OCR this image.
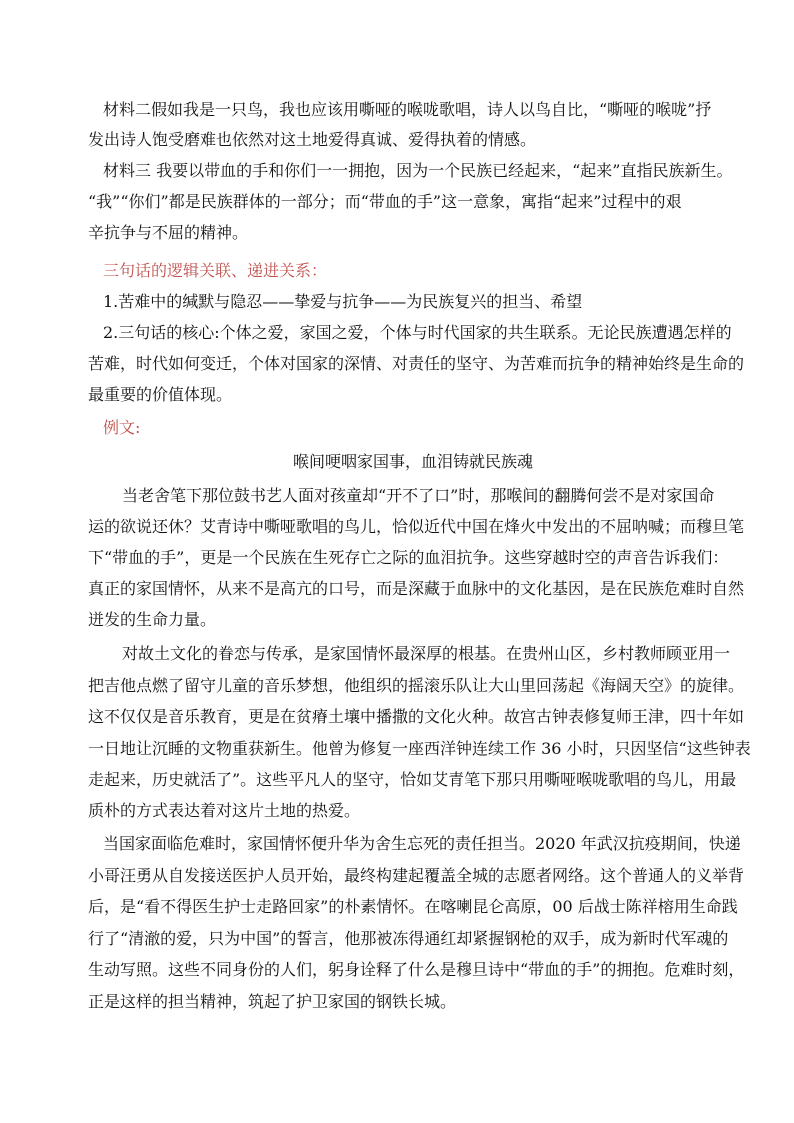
材料二假如我是一只鸟，我也应该用嘶哑的喉咙歌唱，诗人以鸟自比，“嘶哑的喉咙”抒
发出诗人饱受磨难也依然对这土地爱得真诚、爱得执着的情感。
材料三 我要以带血的手和你们一一拥抱，因为一个民族已经起来，“起来”直指民族新生。
“我”“你们”都是民族群体的一部分；而“带血的手”这一意象，寓指“起来”过程中的艰
辛抗争与不屈的精神。
三句话的逻辑关联、递进关系：
1.苦难中的缄默与隐忍——挚爱与抗争——为民族复兴的担当、希望
2.三句话的核心:个体之爱，家国之爱，个体与时代国家的共生联系。无论民族遭遇怎样的
苦难，时代如何变迁，个体对国家的深情、对责任的坚守、为苦难而抗争的精神始终是生命的
最重要的价值体现。
例文:
喉间哽咽家国事，血泪铸就民族魂
当老舍笔下那位鼓书艺人面对孩童却“开不了口”时，那喉间的翻腾何尝不是对家国命
运的欲说还休？艾青诗中嘶哑歌唱的鸟儿，恰似近代中国在烽火中发出的不屈呐喊；而穆旦笔
下“带血的手”，更是一个民族在生死存亡之际的血泪抗争。这些穿越时空的声音告诉我们：
真正的家国情怀，从来不是高亢的口号，而是深藏于血脉中的文化基因，是在民族危难时自然
迸发的生命力量。
对故土文化的眷恋与传承，是家国情怀最深厚的根基。在贵州山区，乡村教师顾亚用一
把吉他点燃了留守儿童的音乐梦想，他组织的摇滚乐队让大山里回荡起《海阔天空》的旋律。
这不仅仅是音乐教育，更是在贫瘠土壤中播撒的文化火种。故宫古钟表修复师王津，四十年如
一日地让沉睡的文物重获新生。他曾为修复一座西洋钟连续工作 36 小时，只因坚信“这些钟表
走起来，历史就活了”。这些平凡人的坚守，恰如艾青笔下那只用嘶哑喉咙歌唱的鸟儿，用最
质朴的方式表达着对这片土地的热爱。
当国家面临危难时，家国情怀便升华为舍生忘死的责任担当。2020 年武汉抗疫期间，快递
小哥汪勇从自发接送医护人员开始，最终构建起覆盖全城的志愿者网络。这个普通人的义举背
后，是“看不得医生护士走路回家”的朴素情怀。在喀喇昆仑高原，00 后战士陈祥榕用生命践
行了“清澈的爱，只为中国”的誓言，他那被冻得通红却紧握钢枪的双手，成为新时代军魂的
生动写照。这些不同身份的人们，躬身诠释了什么是穆旦诗中“带血的手”的拥抱。危难时刻，
正是这样的担当精神，筑起了护卫家国的钢铁长城。
